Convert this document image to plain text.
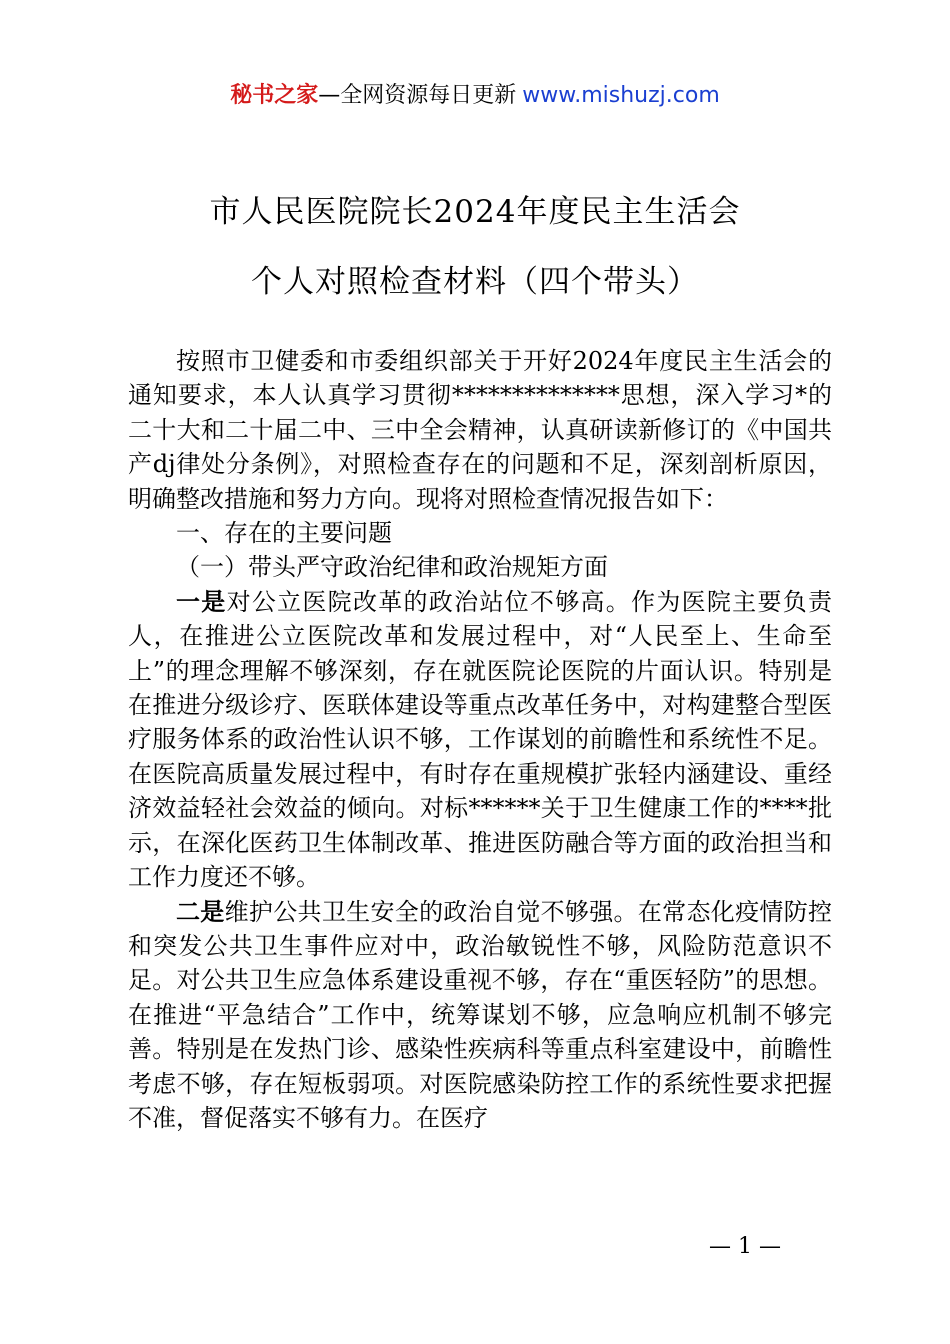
秘书之家—全网资源每日更新 www.mishuzj.com
市人民医院院长2024年度民主生活会
个人对照检查材料（四个带头）

按照市卫健委和市委组织部关于开好2024年度民主生活会的通知要求，本人认真学习贯彻**************思想，深入学习*的二十大和二十届二中、三中全会精神，认真研读新修订的《中国共产dj律处分条例》，对照检查存在的问题和不足，深刻剖析原因，明确整改措施和努力方向。现将对照检查情况报告如下：

一、存在的主要问题

（一）带头严守政治纪律和政治规矩方面

一是对公立医院改革的政治站位不够高。作为医院主要负责人，在推进公立医院改革和发展过程中，对“人民至上、生命至上”的理念理解不够深刻，存在就医院论医院的片面认识。特别是在推进分级诊疗、医联体建设等重点改革任务中，对构建整合型医疗服务体系的政治性认识不够，工作谋划的前瞻性和系统性不足。在医院高质量发展过程中，有时存在重规模扩张轻内涵建设、重经济效益轻社会效益的倾向。对标******关于卫生健康工作的****批示，在深化医药卫生体制改革、推进医防融合等方面的政治担当和工作力度还不够。

二是维护公共卫生安全的政治自觉不够强。在常态化疫情防控和突发公共卫生事件应对中，政治敏锐性不够，风险防范意识不足。对公共卫生应急体系建设重视不够，存在“重医轻防”的思想。在推进“平急结合”工作中，统筹谋划不够，应急响应机制不够完善。特别是在发热门诊、感染性疾病科等重点科室建设中，前瞻性考虑不够，存在短板弱项。对医院感染防控工作的系统性要求把握不准，督促落实不够有力。在医疗

— 1 —
